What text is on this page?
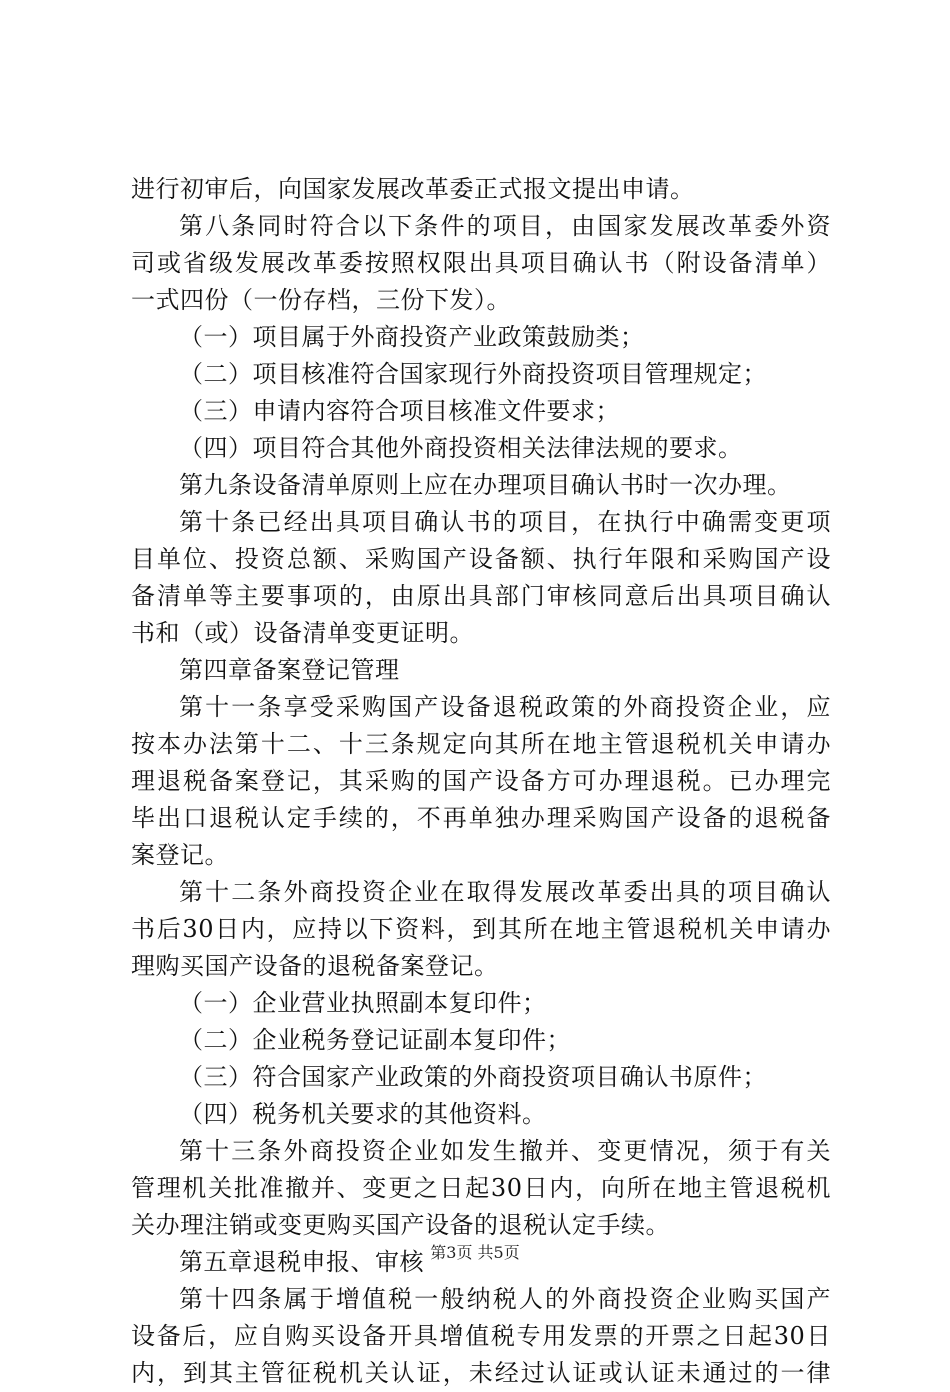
进行初审后，向国家发展改革委正式报文提出申请。
第八条同时符合以下条件的项目，由国家发展改革委外资
司或省级发展改革委按照权限出具项目确认书（附设备清单）
一式四份（一份存档，三份下发）。
（一）项目属于外商投资产业政策鼓励类；
（二）项目核准符合国家现行外商投资项目管理规定；
（三）申请内容符合项目核准文件要求；
（四）项目符合其他外商投资相关法律法规的要求。
第九条设备清单原则上应在办理项目确认书时一次办理。
第十条已经出具项目确认书的项目，在执行中确需变更项
目单位、投资总额、采购国产设备额、执行年限和采购国产设
备清单等主要事项的，由原出具部门审核同意后出具项目确认
书和（或）设备清单变更证明。
第四章备案登记管理
第十一条享受采购国产设备退税政策的外商投资企业，应
按本办法第十二、十三条规定向其所在地主管退税机关申请办
理退税备案登记，其采购的国产设备方可办理退税。已办理完
毕出口退税认定手续的，不再单独办理采购国产设备的退税备
案登记。
第十二条外商投资企业在取得发展改革委出具的项目确认
书后30日内，应持以下资料，到其所在地主管退税机关申请办
理购买国产设备的退税备案登记。
（一）企业营业执照副本复印件；
（二）企业税务登记证副本复印件；
（三）符合国家产业政策的外商投资项目确认书原件；
（四）税务机关要求的其他资料。
第十三条外商投资企业如发生撤并、变更情况，须于有关
管理机关批准撤并、变更之日起30日内，向所在地主管退税机
关办理注销或变更购买国产设备的退税认定手续。
第五章退税申报、审核
第十四条属于增值税一般纳税人的外商投资企业购买国产
设备后，应自购买设备开具增值税专用发票的开票之日起30日
内，到其主管征税机关认证，未经过认证或认证未通过的一律
第3页 共5页
